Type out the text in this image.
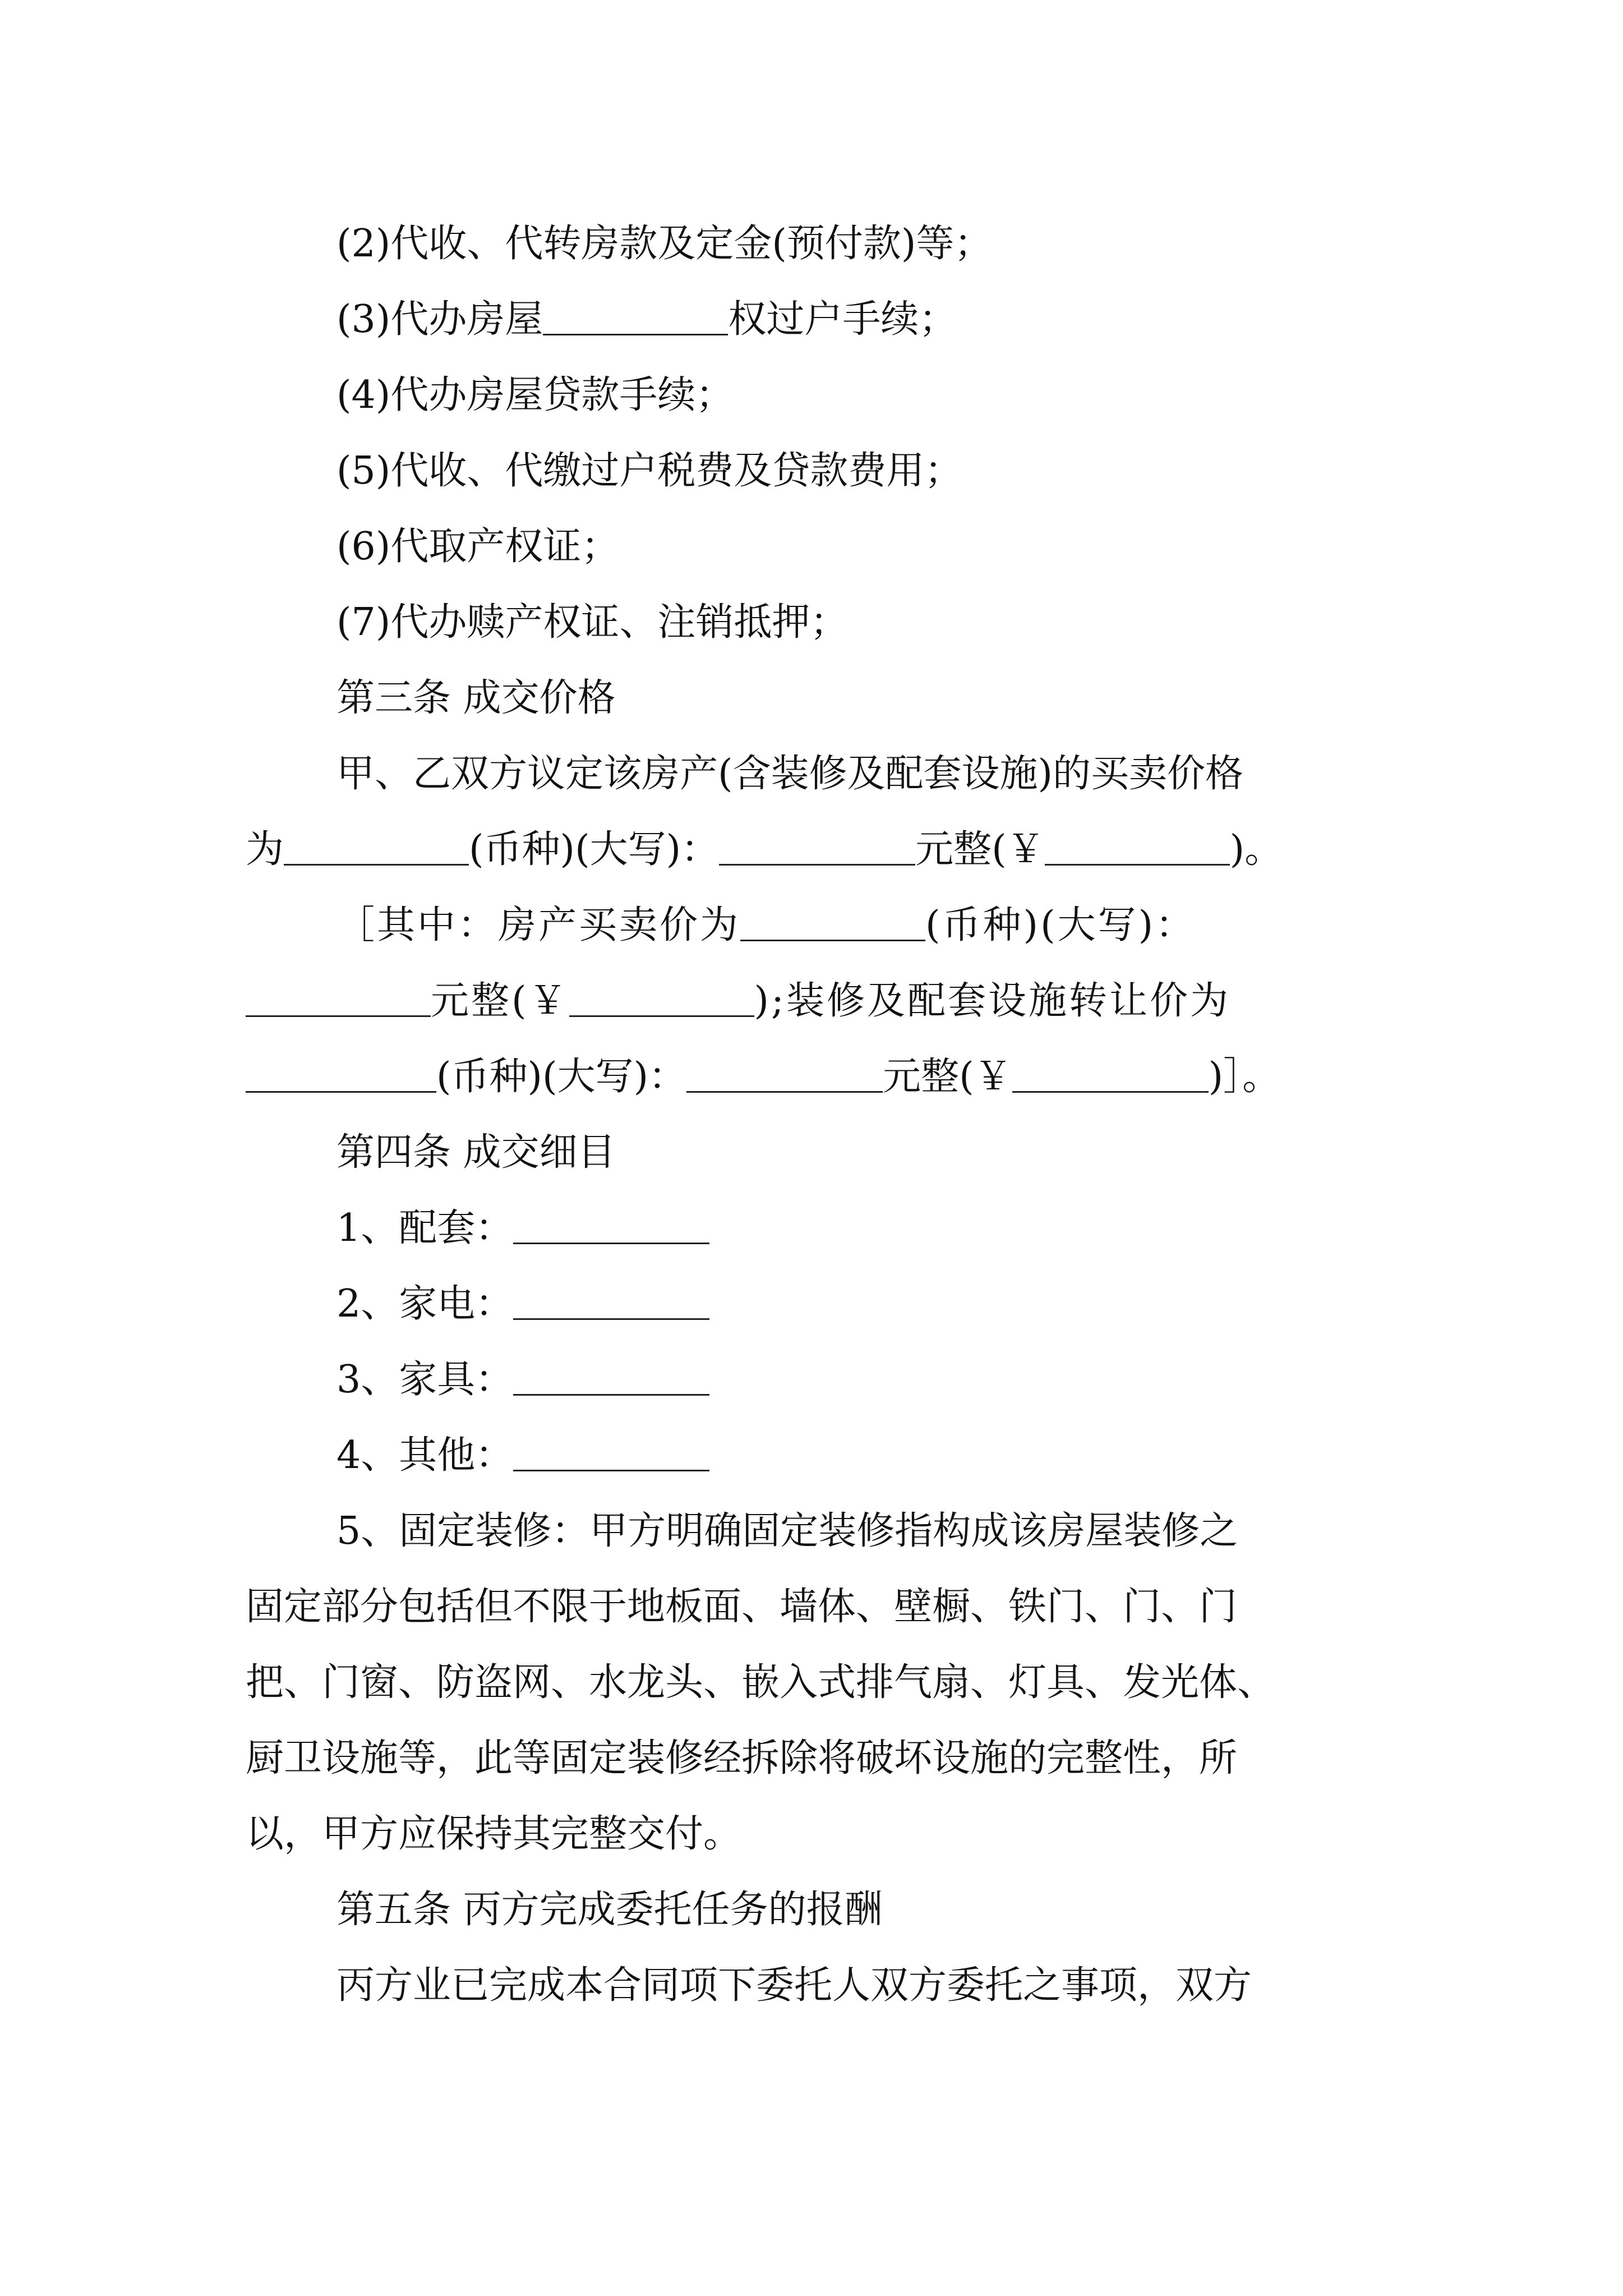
(2)代收、代转房款及定金(预付款)等；
(3)代办房屋	权过户手续；
(4)代办房屋贷款手续；
(5)代收、代缴过户税费及贷款费用；
(6)代取产权证；
(7)代办赎产权证、注销抵押；
第三条 成交价格
甲、乙双方议定该房产(含装修及配套设施)的买卖价格
为	(币种)(大写)：	元整(￥	)。
［其中：房产买卖价为	(币种)(大写)：
元整(￥	);装修及配套设施转让价为
(币种)(大写)：	元整(￥	)］。
第四条 成交细目
1、配套：
2、家电：
3、家具：
4、其他：
5、固定装修：甲方明确固定装修指构成该房屋装修之
固定部分包括但不限于地板面、墙体、壁橱、铁门、门、门
把、门窗、防盗网、水龙头、嵌入式排气扇、灯具、发光体、
厨卫设施等，此等固定装修经拆除将破坏设施的完整性，所
以，甲方应保持其完整交付。
第五条 丙方完成委托任务的报酬
丙方业已完成本合同项下委托人双方委托之事项，双方
